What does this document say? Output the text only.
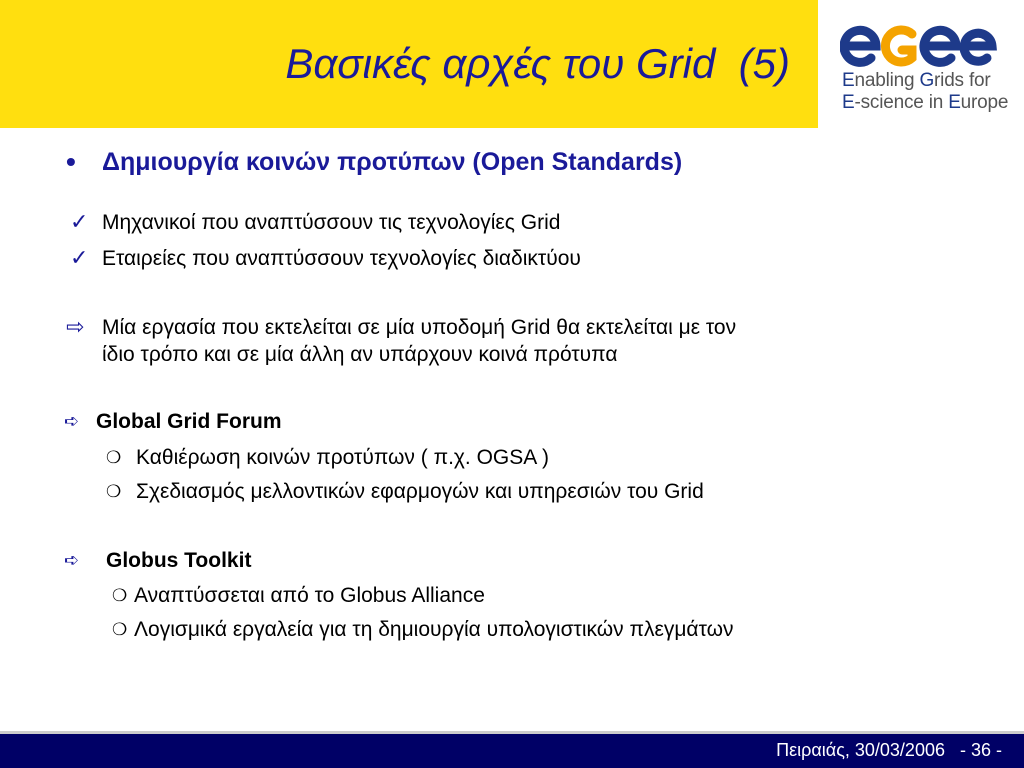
Βασικές αρχές του Grid  (5)	Enabling Grids for
E-science in Europe
• Δημιουργία κοινών προτύπων (Open Standards)
✓ Μηχανικοί που αναπτύσσουν τις τεχνολογίες Grid
✓ Εταιρείες που αναπτύσσουν τεχνολογίες διαδικτύου
⇨ Μία εργασία που εκτελείται σε μία υποδομή Grid θα εκτελείται με τον
ίδιο τρόπο και σε μία άλλη αν υπάρχουν κοινά πρότυπα
➪ Global Grid Forum
❍ Καθιέρωση κοινών προτύπων ( π.χ. OGSA )
❍ Σχεδιασμός μελλοντικών εφαρμογών και υπηρεσιών του Grid
➪ Globus Toolkit
❍ Αναπτύσσεται από το Globus Alliance
❍ Λογισμικά εργαλεία για τη δημιουργία υπολογιστικών πλεγμάτων
Πειραιάς, 30/03/2006   - 36 -
